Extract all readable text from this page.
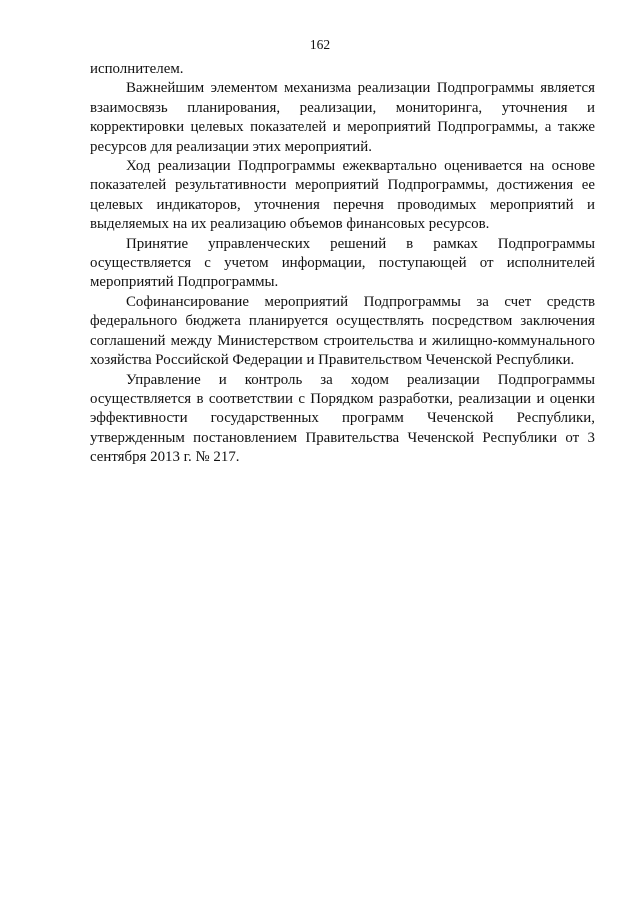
162

исполнителем.

Важнейшим элементом механизма реализации Подпрограммы является взаимосвязь планирования, реализации, мониторинга, уточнения и корректировки целевых показателей и мероприятий Подпрограммы, а также ресурсов для реализации этих мероприятий.

Ход реализации Подпрограммы ежеквартально оценивается на основе показателей результативности мероприятий Подпрограммы, достижения ее целевых индикаторов, уточнения перечня проводимых мероприятий и выделяемых на их реализацию объемов финансовых ресурсов.

Принятие управленческих решений в рамках Подпрограммы осуществляется с учетом информации, поступающей от исполнителей мероприятий Подпрограммы.

Софинансирование мероприятий Подпрограммы за счет средств федерального бюджета планируется осуществлять посредством заключения соглашений между Министерством строительства и жилищно-коммунального хозяйства Российской Федерации и Правительством Чеченской Республики.

Управление и контроль за ходом реализации Подпрограммы осуществляется в соответствии с Порядком разработки, реализации и оценки эффективности государственных программ Чеченской Республики, утвержденным постановлением Правительства Чеченской Республики от 3 сентября 2013 г. № 217.
